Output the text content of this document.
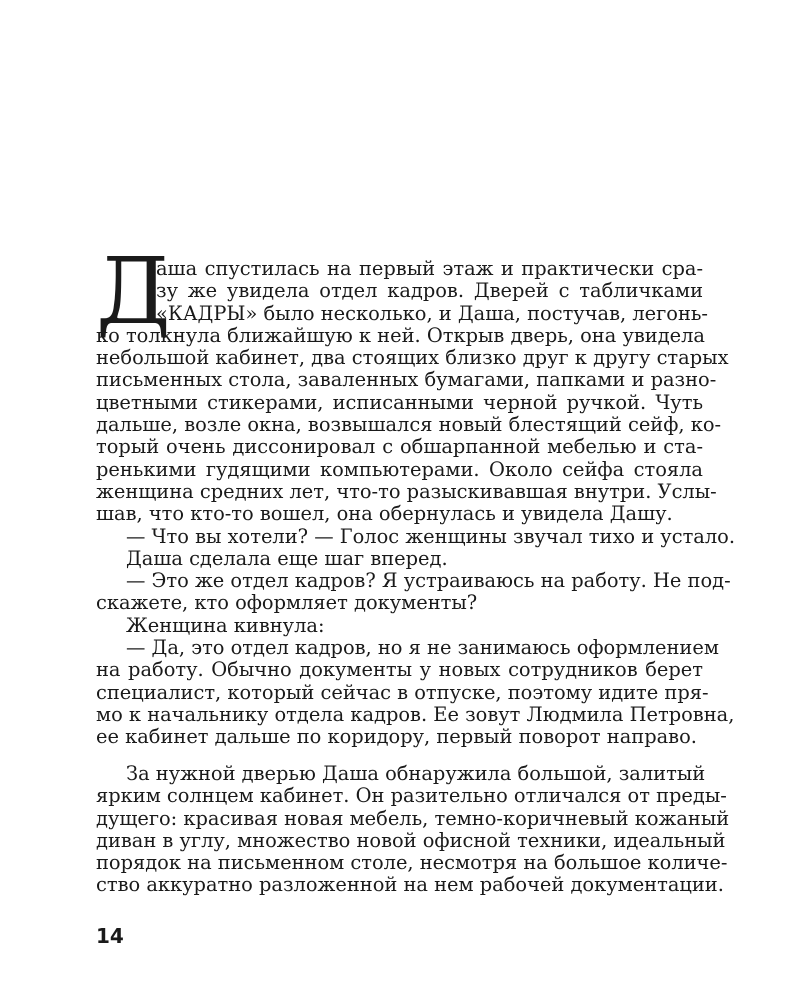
Д
аша спустилась на первый этаж и практически сра-
зу же увидела отдел кадров. Дверей с табличками
«КАДРЫ» было несколько, и Даша, постучав, легонь-
ко толкнула ближайшую к ней. Открыв дверь, она увидела
небольшой кабинет, два стоящих близко друг к другу старых
письменных стола, заваленных бумагами, папками и разно-
цветными стикерами, исписанными черной ручкой. Чуть
дальше, возле окна, возвышался новый блестящий сейф, ко-
торый очень диссонировал с обшарпанной мебелью и ста-
ренькими гудящими компьютерами. Около сейфа стояла
женщина средних лет, что-то разыскивавшая внутри. Услы-
шав, что кто-то вошел, она обернулась и увидела Дашу.
— Что вы хотели? — Голос женщины звучал тихо и устало.
Даша сделала еще шаг вперед.
— Это же отдел кадров? Я устраиваюсь на работу. Не под-
скажете, кто оформляет документы?
Женщина кивнула:
— Да, это отдел кадров, но я не занимаюсь оформлением
на работу. Обычно документы у новых сотрудников берет
специалист, который сейчас в отпуске, поэтому идите пря-
мо к начальнику отдела кадров. Ее зовут Людмила Петровна,
ее кабинет дальше по коридору, первый поворот направо.
За нужной дверью Даша обнаружила большой, залитый
ярким солнцем кабинет. Он разительно отличался от преды-
дущего: красивая новая мебель, темно-коричневый кожаный
диван в углу, множество новой офисной техники, идеальный
порядок на письменном столе, несмотря на большое количе-
ство аккуратно разложенной на нем рабочей документации.
14
